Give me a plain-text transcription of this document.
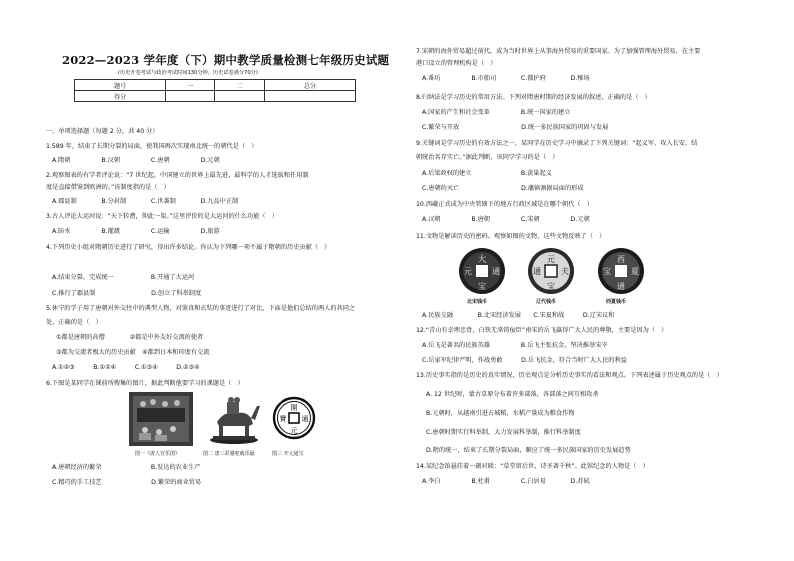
2022—2023 学年度（下）期中教学质量检测七年级历史试题
(历史开卷考试与政治考试时间130分钟，历史试卷满分70分)
题号	一	二	总分
得分			
一、单项选择题（每题 2 分，共 40 分）
1.589 年，结束了长期分裂的局面，使我国再次实现南北统一的朝代是（　）
A.隋朝　　　　　B.汉朝　　　　　C.唐朝　　　　　D.元朝
2.观察图表的有学者评论说：“7 世纪起，中国建立的世界上最先进、最科学的人才选拔和任用制
度是直接借鉴到欧洲的。”该制度指的是（　）
A.郡县制　　　　B.分封制　　　　C.世袭制　　　　D.九品中正制
3.古人评论大运河说：“天下转漕，仰此一渠。”这里评价的是大运河的什么功能（　）
A.防水　　　　　B.灌溉　　　　　C.运输　　　　　D.旅游
4.下列历史小组对隋朝历史进行了研究，得出许多结论。你认为下列哪一项不属于隋朝的历史贡献（　）
A.结束分裂，完成统一　　　　　　B.开通了大运河
C.推行了郡县制　　　　　　　　　D.创立了科举制度
5.休宁的学子用了唐朝对外交往中的典型人物，对鉴真和玄奘的事迹进行了对比，下面是他们总结的两人的共同之
处，正确的是（　）
①都是唐朝的高僧　　　　②都是中外友好交流的使者
③都为交流者极大的历史贡献　④都到日本和印度有交流
A.①②③　　　B.①②④　　　C.①③④　　　D.②③④
6.下图是某同学在课前所搜集的图片，据此判断他要学习的课题是（　）
開
元
通
寶
图一《唐人宫乐图》	图二 唐三彩骆驼载乐俑	图三 开元通宝
A.唐朝经济的繁荣　　　　　　　　B.发达的农业生产
C.精巧的手工技艺　　　　　　　　D.繁荣的商业贸易
7.宋朝的海外贸易超过前代，成为当时世界上从事海外贸易的重要国家。为了加强管理海外贸易，在主要
港口设立的管理机构是（　）
A.番坊　　　　　B.市舶司　　　　C.都护府　　　　D.榷场
8.归纳法是学习历史的常用方法。下列对隋唐时期的经济发展的叙述，正确的是（　）
A.国家的产生和社会变革　　　　　B.统一国家的建立
C.繁荣与开放　　　　　　　　　　D.统一多民族国家的巩固与发展
9.关键词是学习历史的有效方法之一，某同学在历史学习中摘录了下列关键词：“起义军、攻入长安、结
朝统治名存实亡。”据此判断，该同学学习的是（　）
A.后梁政权的建立　　　　　　　　B.黄巢起义
C.唐朝的灭亡　　　　　　　　　　D.藩镇割据局面的形成
10.西藏正式成为中央管辖下的地方行政区域是在哪个朝代（　）
A.汉朝　　　　　B.唐朝　　　　　C.宋朝　　　　　D.元朝
11.文物是解读历史的密码。观察如图的文物，这些文物反映了（　）
大
通
宝
元
元
夫
宝
通
西
夏
通
宝
北宋钱币	辽代钱币	西夏钱币
A.民族交融　　　　B.北宋经济发展　　C.宋夏和战　　　D.辽宋议和
12.“青山有幸埋忠骨，白铁无辜铸佞臣”南宋的岳飞赢得广大人民的尊敬，主要是因为（　）
A.岳飞是著名的民族英雄　　　　　B.岳飞主张抗金，坚决推举宋宰
C.岳家军纪律严明，作战勇敢　　　D.岳飞抗金，符合当时广大人民的利益
13.历史事实指的是历史的真实情况，历史观点是分析历史事实的看法和观点。下列表述属于历史观点的是（　）
A. 12 世纪时，蒙古草原分布着许多部落，各部落之间互相攻杀
B.元朝时，从越南引进占城稻，水稻产量成为粮食作物
C.唐朝时期实行科举制，大力发展科举制，推行科举制度
D.隋的统一，结束了长期分裂局面，顺应了统一多民族国家的历史发展趋势
14.某纪念馆悬挂着一副对联：“草堂留后世，诗圣著千秋”。此馆纪念的人物是（　）
A.李白　　　　　B.杜甫　　　　　C.白居易　　　　D.苏轼
